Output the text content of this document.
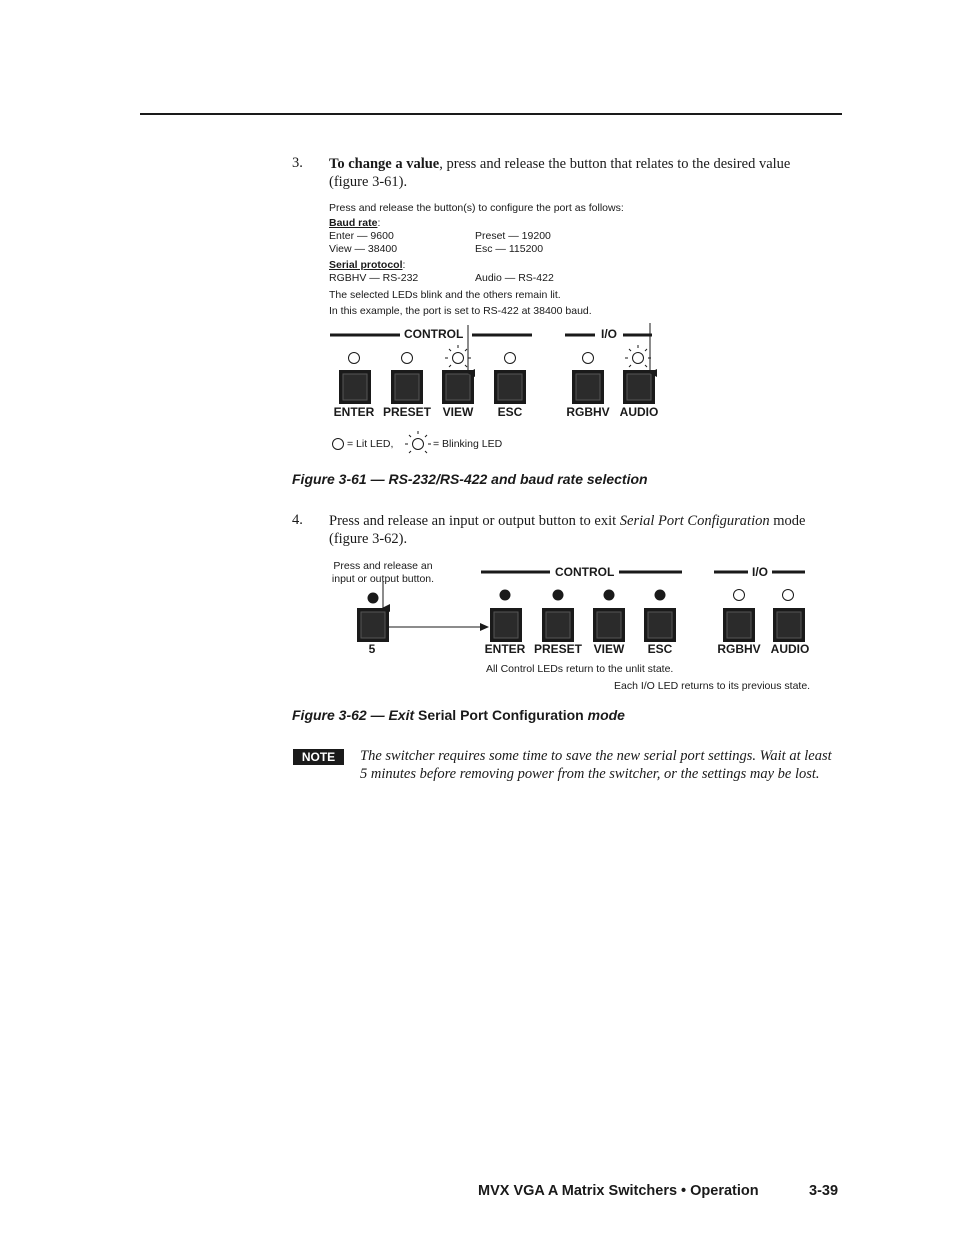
3. To change a value, press and release the button that relates to the desired value (figure 3-61).
Press and release the button(s) to configure the port as follows:
Baud rate:
Enter — 9600	Preset — 19200
View — 38400	Esc — 115200
Serial protocol:
RGBHV — RS-232	Audio — RS-422
The selected LEDs blink and the others remain lit.
In this example, the port is set to RS-422 at 38400 baud.
CONTROL	I/O
ENTER PRESET VIEW	ESC	RGBHV AUDIO
= Lit LED,	= Blinking LED
Figure 3-61 — RS-232/RS-422 and baud rate selection
4. Press and release an input or output button to exit Serial Port Configuration mode (figure 3-62).
Press and release an input or output button.	CONTROL	I/O
5	ENTER PRESET VIEW	ESC	RGBHV AUDIO
All Control LEDs return to the unlit state.
Each I/O LED returns to its previous state.
Figure 3-62 — Exit Serial Port Configuration mode
NOTE	The switcher requires some time to save the new serial port settings. Wait at least 5 minutes before removing power from the switcher, or the settings may be lost.
MVX VGA A Matrix Switchers • Operation	3-39
